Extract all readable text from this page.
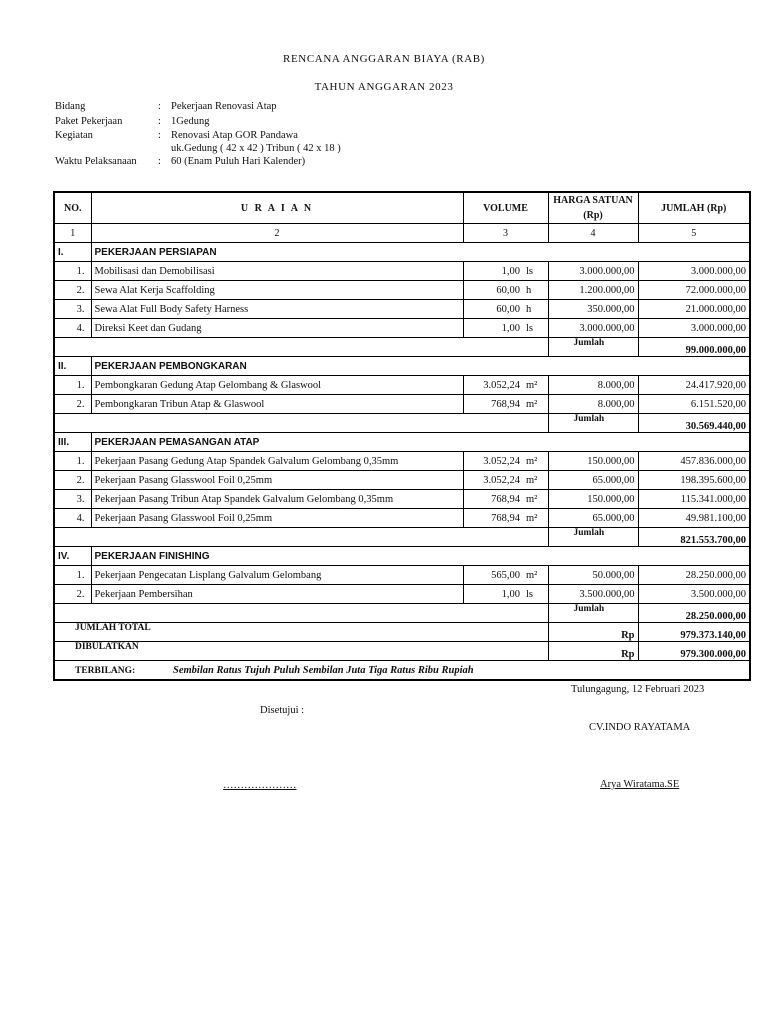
RENCANA ANGGARAN BIAYA (RAB)
TAHUN ANGGARAN 2023
Bidang	: Pekerjaan Renovasi Atap
Paket Pekerjaan	: 1Gedung
Kegiatan	: Renovasi Atap GOR Pandawa
uk.Gedung ( 42 x 42 ) Tribun ( 42 x 18 )
Waktu Pelaksanaan	: 60 (Enam Puluh Hari Kalender)
NO.	U R A I A N	VOLUME		HARGA SATUAN (Rp)	JUMLAH (Rp)
1	2	3		4	5
I.	PEKERJAAN PERSIAPAN				
1.	Mobilisasi dan Demobilisasi	1,00	ls	3.000.000,00	3.000.000,00
2.	Sewa Alat Kerja Scaffolding	60,00	h	1.200.000,00	72.000.000,00
3.	Sewa Alat Full Body Safety Harness	60,00	h	350.000,00	21.000.000,00
4.	Direksi Keet dan Gudang	1,00	ls	3.000.000,00	3.000.000,00
				Jumlah	99.000.000,00
II.	PEKERJAAN PEMBONGKARAN				
1.	Pembongkaran Gedung Atap Gelombang & Glaswool	3.052,24	m²	8.000,00	24.417.920,00
2.	Pembongkaran Tribun Atap & Glaswool	768,94	m²	8.000,00	6.151.520,00
				Jumlah	30.569.440,00
III.	PEKERJAAN PEMASANGAN ATAP				
1.	Pekerjaan Pasang Gedung Atap Spandek Galvalum Gelombang 0,35mm	3.052,24	m²	150.000,00	457.836.000,00
2.	Pekerjaan Pasang Glasswool Foil 0,25mm	3.052,24	m²	65.000,00	198.395.600,00
3.	Pekerjaan Pasang Tribun Atap Spandek Galvalum Gelombang 0,35mm	768,94	m²	150.000,00	115.341.000,00
4.	Pekerjaan Pasang Glasswool Foil 0,25mm	768,94	m²	65.000,00	49.981.100,00
				Jumlah	821.553.700,00
IV.	PEKERJAAN FINISHING				
1.	Pekerjaan Pengecatan Lisplang Galvalum Gelombang	565,00	m²	50.000,00	28.250.000,00
2.	Pekerjaan Pembersihan	1,00	ls	3.500.000,00	3.500.000,00
				Jumlah	28.250.000,00
JUMLAH TOTAL				Rp	979.373.140,00
DIBULATKAN				Rp	979.300.000,00
TERBILANG: Sembilan Ratus Tujuh Puluh Sembilan Juta Tiga Ratus Ribu Rupiah					
Tulungagung, 12 Februari 2023
Disetujui :
CV.INDO RAYATAMA
…………………	Arya Wiratama.SE
